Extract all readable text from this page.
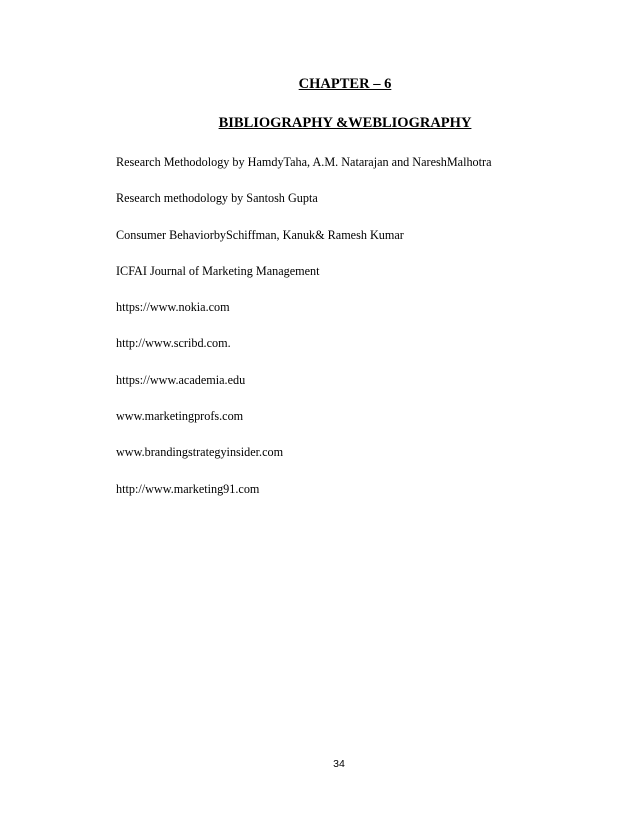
CHAPTER – 6
BIBLIOGRAPHY &WEBLIOGRAPHY
Research Methodology by HamdyTaha, A.M. Natarajan and NareshMalhotra
Research methodology by Santosh Gupta
Consumer BehaviorbySchiffman, Kanuk& Ramesh Kumar
ICFAI Journal of Marketing Management
https://www.nokia.com
http://www.scribd.com.
https://www.academia.edu
www.marketingprofs.com
www.brandingstrategyinsider.com
http://www.marketing91.com
34
